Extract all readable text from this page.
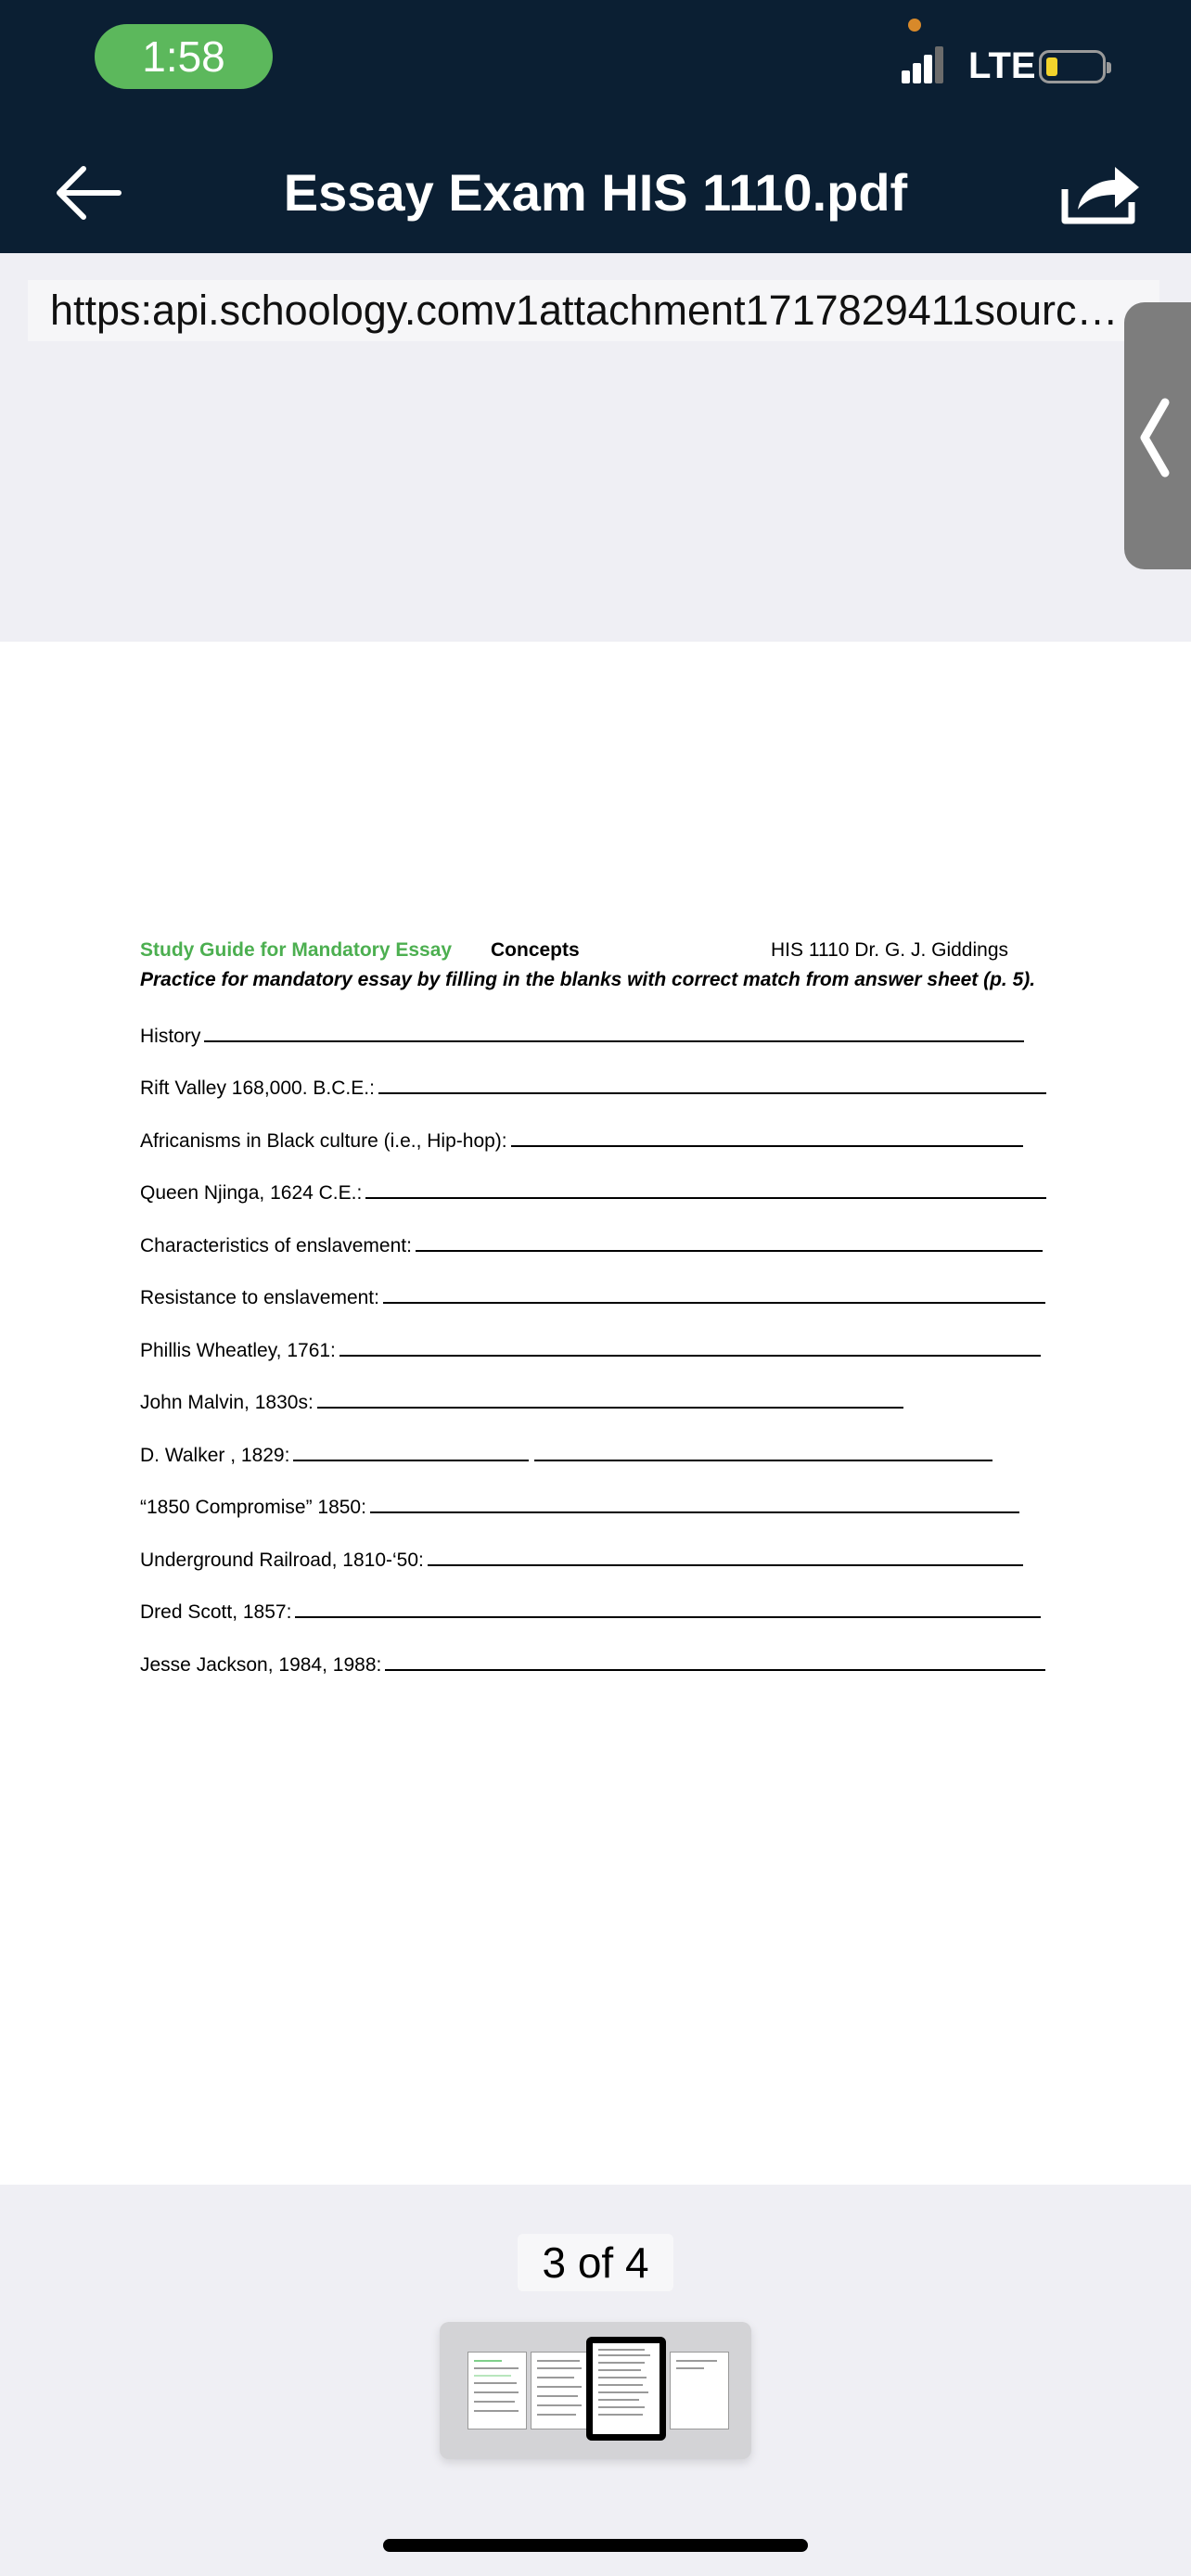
1:58	LTE
Essay Exam HIS 1110.pdf
https:api.schoology.comv1attachment1717829411sourc…
Study Guide for Mandatory Essay Concepts	HIS 1110 Dr. G. J. Giddings
Practice for mandatory essay by filling in the blanks with correct match from answer sheet (p. 5).
History
Rift Valley 168,000. B.C.E.:
Africanisms in Black culture (i.e., Hip-hop):
Queen Njinga, 1624 C.E.:
Characteristics of enslavement:
Resistance to enslavement:
Phillis Wheatley, 1761:
John Malvin, 1830s:
D. Walker , 1829:
“1850 Compromise” 1850:
Underground Railroad, 1810-‘50:
Dred Scott, 1857:
Jesse Jackson, 1984, 1988:
3 of 4
